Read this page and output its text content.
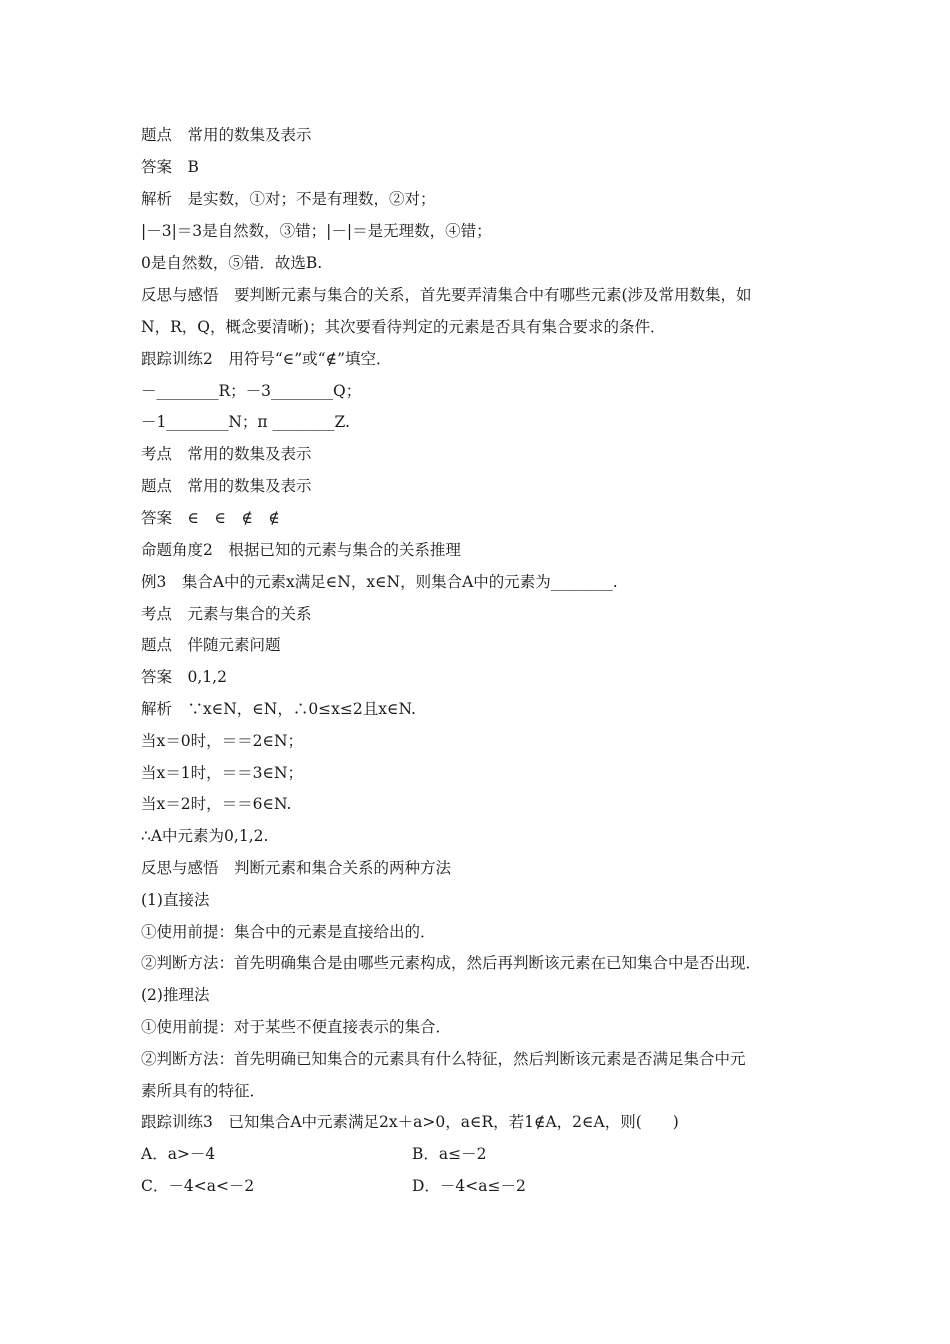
题点　常用的数集及表示
答案　B
解析　是实数，①对；不是有理数，②对；
|－3|＝3是自然数，③错；|－|＝是无理数，④错；
0是自然数，⑤错．故选B.
反思与感悟　要判断元素与集合的关系，首先要弄清集合中有哪些元素(涉及常用数集，如
N，R，Q，概念要清晰)；其次要看待判定的元素是否具有集合要求的条件．
跟踪训练2　用符号“∈”或“∉”填空．
－________R；－3________Q；
－1________N；π ________Z.
考点　常用的数集及表示
题点　常用的数集及表示
答案　∈　∈　∉　∉
命题角度2　根据已知的元素与集合的关系推理
例3　集合A中的元素x满足∈N，x∈N，则集合A中的元素为________.
考点　元素与集合的关系
题点　伴随元素问题
答案　0,1,2
解析　∵x∈N，∈N，∴0≤x≤2且x∈N.
当x＝0时，＝＝2∈N；
当x＝1时，＝＝3∈N；
当x＝2时，＝＝6∈N.
∴A中元素为0,1,2.
反思与感悟　判断元素和集合关系的两种方法
(1)直接法
①使用前提：集合中的元素是直接给出的．
②判断方法：首先明确集合是由哪些元素构成，然后再判断该元素在已知集合中是否出现．
(2)推理法
①使用前提：对于某些不便直接表示的集合．
②判断方法：首先明确已知集合的元素具有什么特征，然后判断该元素是否满足集合中元
素所具有的特征．
跟踪训练3　已知集合A中元素满足2x＋a>0，a∈R，若1∉A，2∈A，则(　　)
A．a>－4	B．a≤－2
C．－4<a<－2	D．－4<a≤－2
